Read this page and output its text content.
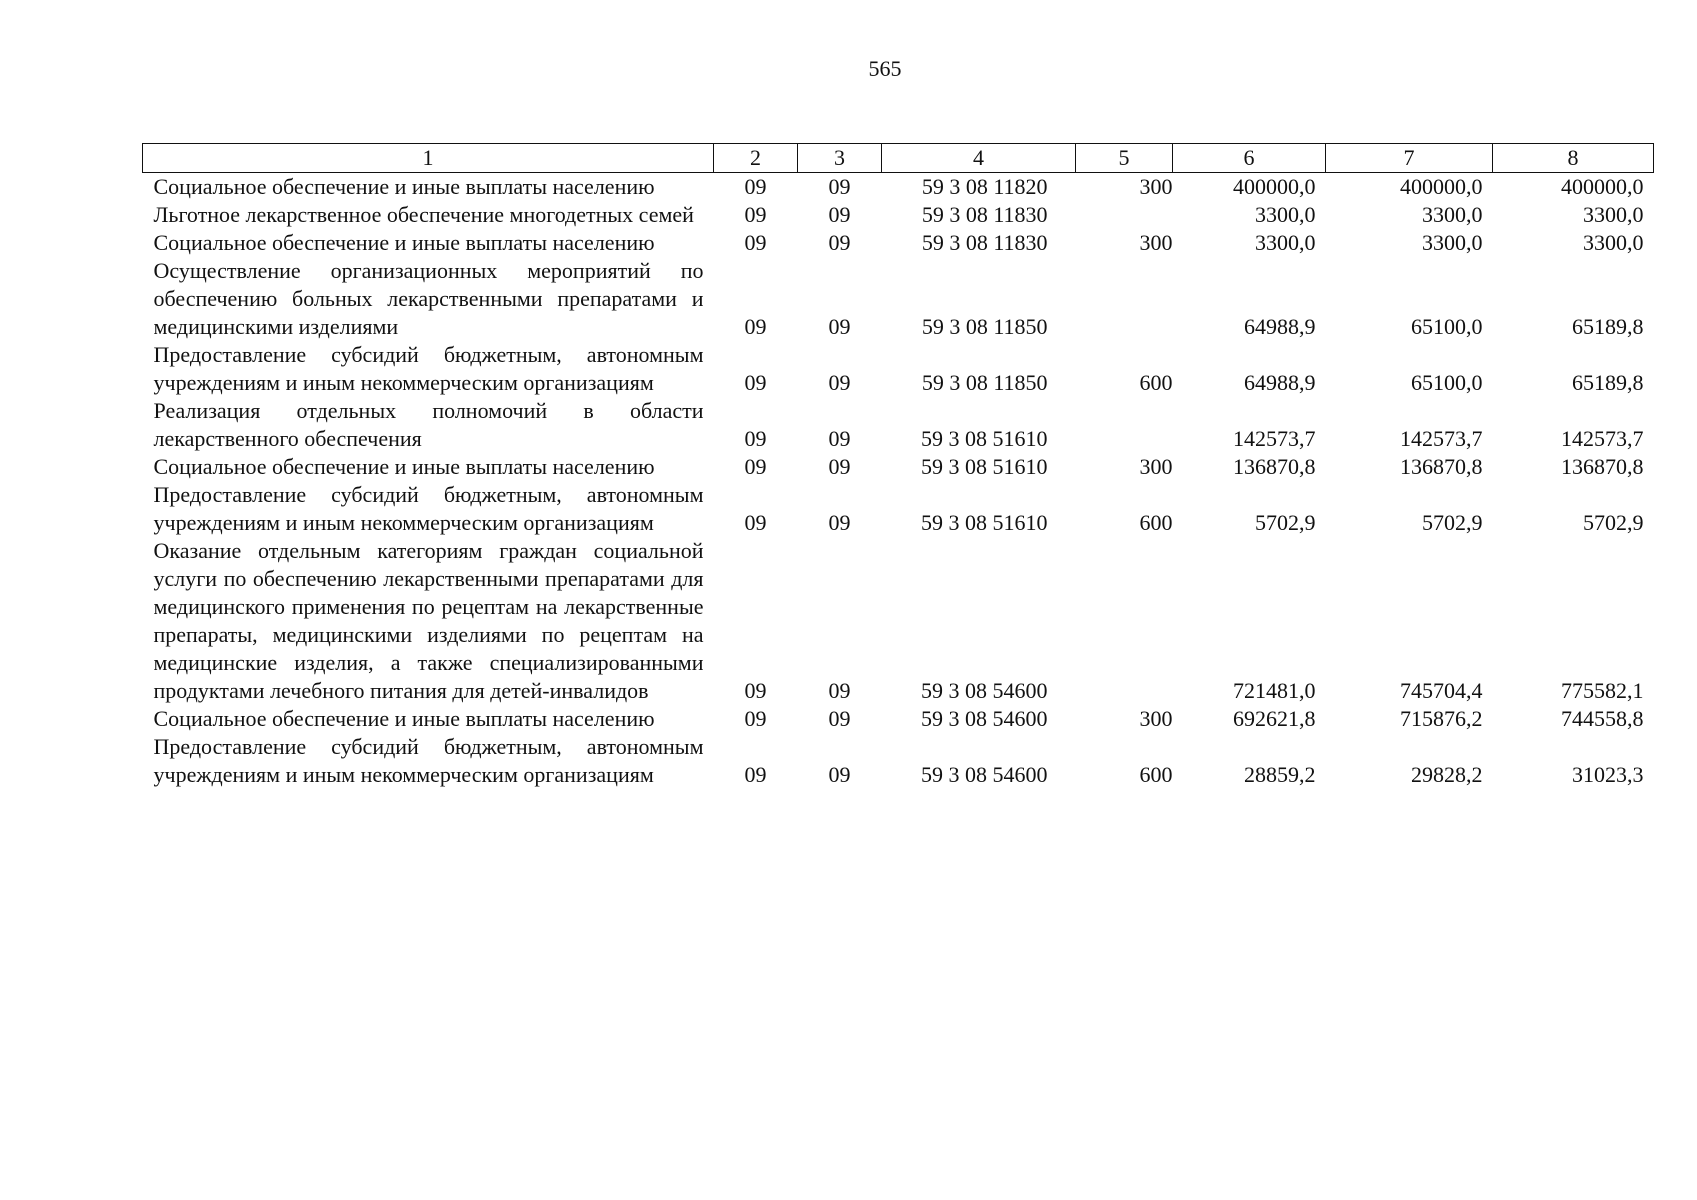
565
1	2	3	4	5	6	7	8
Социальное обеспечение и иные выплаты населению	09	09	59 3 08 11820	300	400000,0	400000,0	400000,0
Льготное лекарственное обеспечение многодетных семей	09	09	59 3 08 11830		3300,0	3300,0	3300,0
Социальное обеспечение и иные выплаты населению	09	09	59 3 08 11830	300	3300,0	3300,0	3300,0
Осуществление организационных мероприятий по обеспечению больных лекарственными препаратами и медицинскими изделиями	09	09	59 3 08 11850		64988,9	65100,0	65189,8
Предоставление субсидий бюджетным, автономным учреждениям и иным некоммерческим организациям	09	09	59 3 08 11850	600	64988,9	65100,0	65189,8
Реализация отдельных полномочий в области лекарственного обеспечения	09	09	59 3 08 51610		142573,7	142573,7	142573,7
Социальное обеспечение и иные выплаты населению	09	09	59 3 08 51610	300	136870,8	136870,8	136870,8
Предоставление субсидий бюджетным, автономным учреждениям и иным некоммерческим организациям	09	09	59 3 08 51610	600	5702,9	5702,9	5702,9
Оказание отдельным категориям граждан социальной услуги по обеспечению лекарственными препаратами для медицинского применения по рецептам на лекарственные препараты, медицинскими изделиями по рецептам на медицинские изделия, а также специализированными продуктами лечебного питания для детей-инвалидов	09	09	59 3 08 54600		721481,0	745704,4	775582,1
Социальное обеспечение и иные выплаты населению	09	09	59 3 08 54600	300	692621,8	715876,2	744558,8
Предоставление субсидий бюджетным, автономным учреждениям и иным некоммерческим организациям	09	09	59 3 08 54600	600	28859,2	29828,2	31023,3
